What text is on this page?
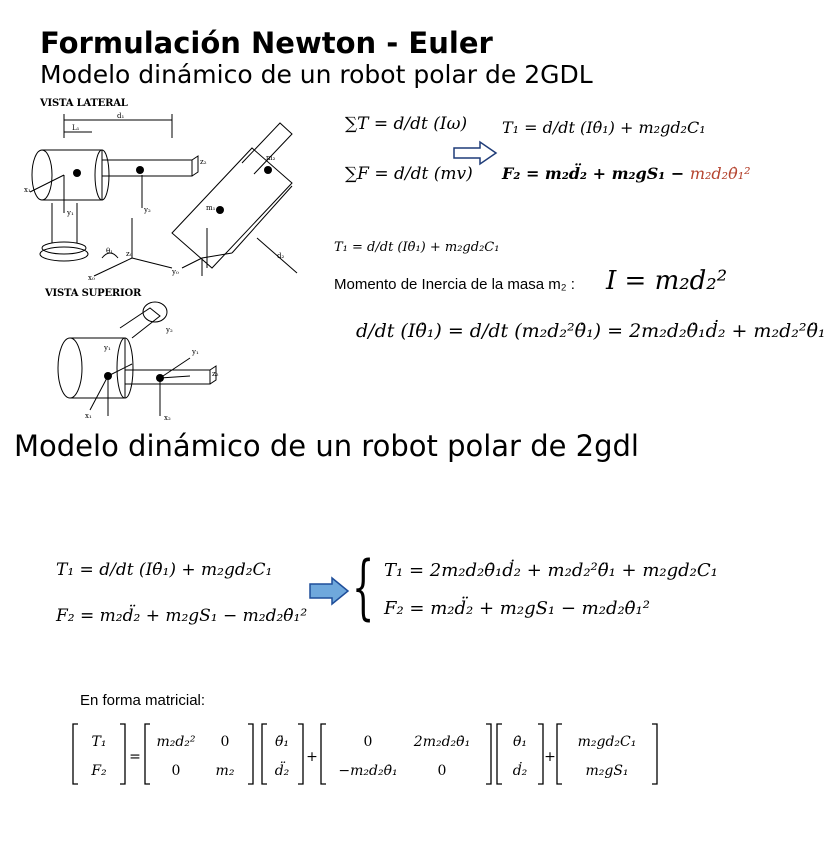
Formulación Newton - Euler
Modelo dinámico de un robot polar de 2GDL
VISTA LATERAL
VISTA SUPERIOR
d₁
L₁
x₁
y₁	y₂
z₂
z₀
x₀
y₀
m₁
m₂
d₂
θ₁
y₂
y₁	y₁
z₂
x₁	x₂
∑T = d/dt (Iω)
∑F = d/dt (mv)
T₁ = d/dt (Iθ̇₁) + m₂gd₂C₁
F₂ = m₂d̈₂ + m₂gS₁ − m₂d₂θ̇₁²
T₁ = d/dt (Iθ̇₁) + m₂gd₂C₁
Momento de Inercia de la masa m₂ : I = m₂d₂²
d/dt (Iθ̇₁) = d/dt (m₂d₂²θ̇₁) = 2m₂d₂θ̇₁ḋ₂ + m₂d₂²θ̈₁
Modelo dinámico de un robot polar de 2gdl
T₁ = d/dt (Iθ̇₁) + m₂gd₂C₁
F₂ = m₂d̈₂ + m₂gS₁ − m₂d₂θ̇₁² { T₁ = 2m₂d₂θ̇₁ḋ₂ + m₂d₂²θ̈₁ + m₂gd₂C₁
F₂ = m₂d̈₂ + m₂gS₁ − m₂d₂θ̇₁²
En forma matricial:
T₁
F₂
=
m₂d₂² 0
0	m₂
θ̈₁
d̈₂
+
0	2m₂d₂θ̇₁
−m₂d₂θ̇₁	0
θ̇₁
ḋ₂
+
m₂gd₂C₁
m₂gS₁
